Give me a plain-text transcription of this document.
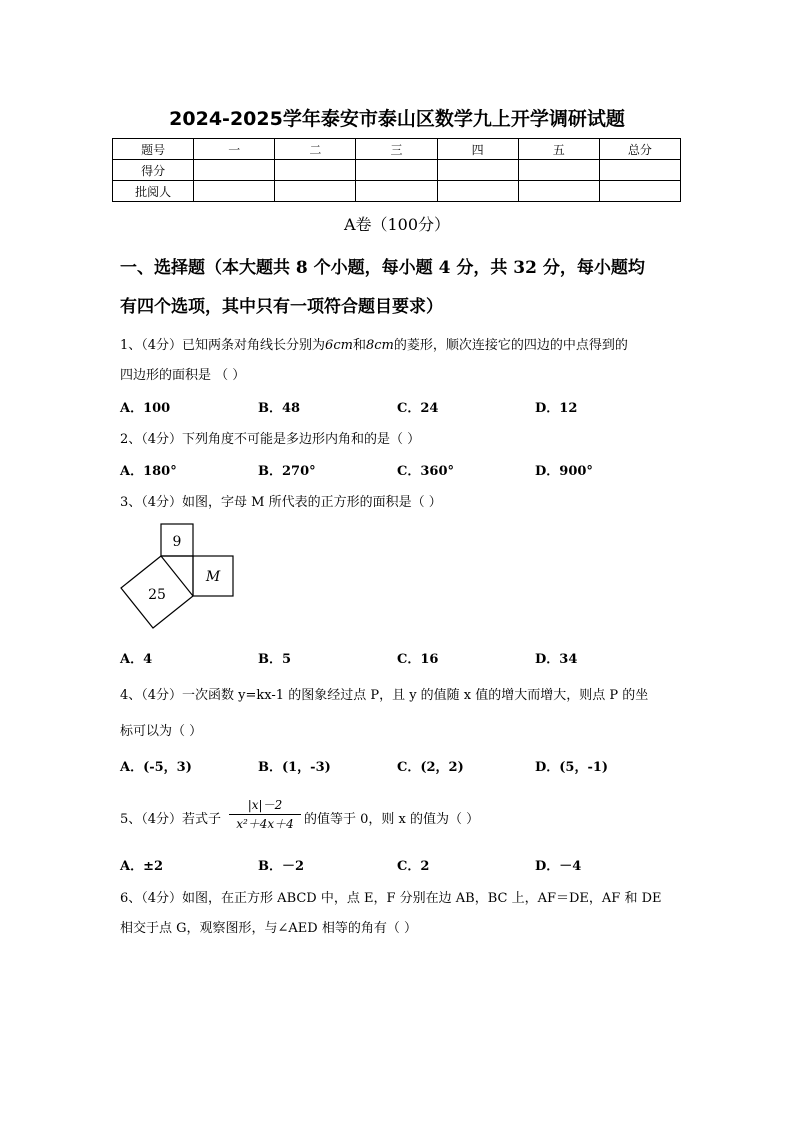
2024-2025学年泰安市泰山区数学九上开学调研试题
题号	一	二	三	四	五	总分
得分						
批阅人						
A卷（100分）
一、选择题（本大题共 8 个小题，每小题 4 分，共 32 分，每小题均
有四个选项，其中只有一项符合题目要求）
1、（4分）已知两条对角线长分别为6cm和8cm的菱形，顺次连接它的四边的中点得到的
四边形的面积是 （ ）
A．100	B．48	C．24	D．12
2、（4分）下列角度不可能是多边形内角和的是（ ）
A．180°	B．270°	C．360°	D．900°
3、（4分）如图，字母 M 所代表的正方形的面积是（ ）
9
25
M
A．4	B．5	C．16	D．34
4、（4分）一次函数 y=kx-1 的图象经过点 P，且 y 的值随 x 值的增大而增大，则点 P 的坐
标可以为（ ）
A．(-5，3)	B．(1，-3)	C．(2，2)	D．(5，-1)
5、（4分）若式子
|x|－2
x²＋4x＋4 的值等于 0，则 x 的值为（ ）
A．±2	B．－2	C．2	D．－4
6、（4分）如图，在正方形 ABCD 中，点 E，F 分别在边 AB，BC 上，AF＝DE，AF 和 DE
相交于点 G，观察图形，与∠AED 相等的角有（ ）
